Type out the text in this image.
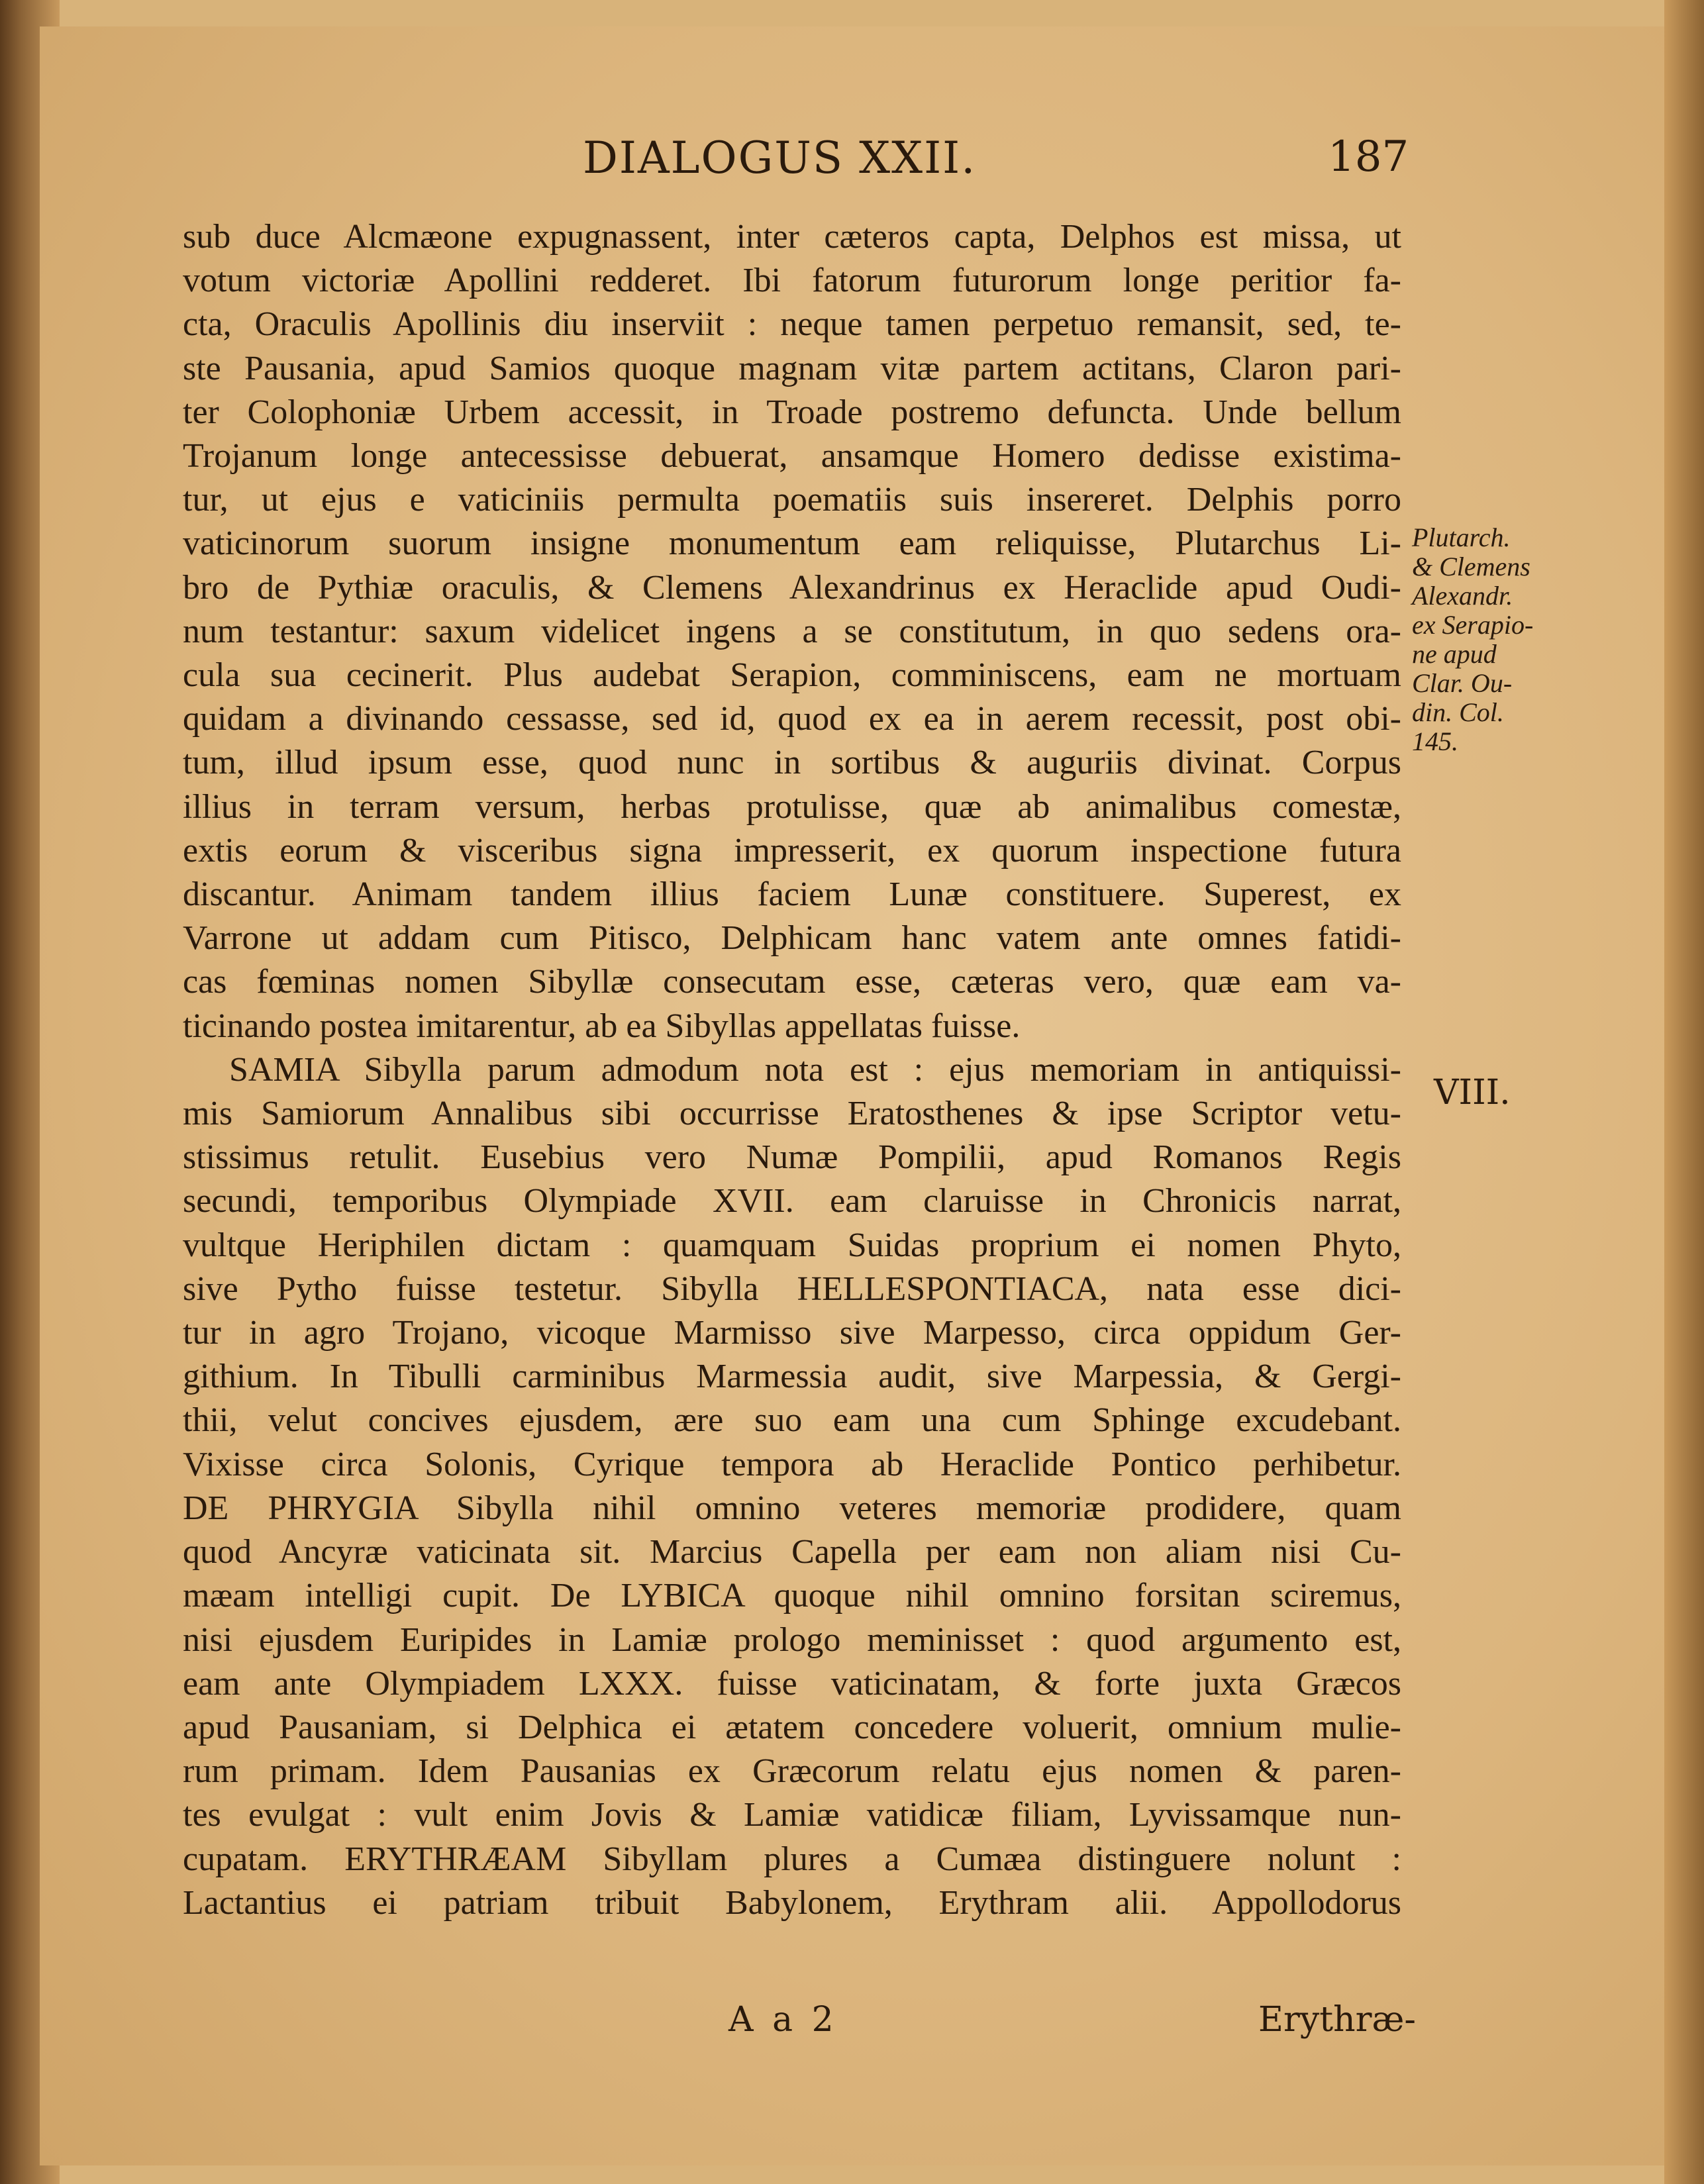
DIALOGUS XXII.	187
sub duce Alcmæone expugnassent, inter cæteros capta, Delphos est missa, ut
votum victoriæ Apollini redderet. Ibi fatorum futurorum longe peritior fa-
cta, Oraculis Apollinis diu inserviit : neque tamen perpetuo remansit, sed, te-
ste Pausania, apud Samios quoque magnam vitæ partem actitans, Claron pari-
ter Colophoniæ Urbem accessit, in Troade postremo defuncta. Unde bellum
Trojanum longe antecessisse debuerat, ansamque Homero dedisse existima-
tur, ut ejus e vaticiniis permulta poematiis suis insereret. Delphis porro
vaticinorum suorum insigne monumentum eam reliquisse, Plutarchus Li-
bro de Pythiæ oraculis, & Clemens Alexandrinus ex Heraclide apud Oudi-
num testantur: saxum videlicet ingens a se constitutum, in quo sedens ora-
cula sua cecinerit. Plus audebat Serapion, comminiscens, eam ne mortuam
quidam a divinando cessasse, sed id, quod ex ea in aerem recessit, post obi-
tum, illud ipsum esse, quod nunc in sortibus & auguriis divinat. Corpus
illius in terram versum, herbas protulisse, quæ ab animalibus comestæ,
extis eorum & visceribus signa impresserit, ex quorum inspectione futura
discantur. Animam tandem illius faciem Lunæ constituere. Superest, ex
Varrone ut addam cum Pitisco, Delphicam hanc vatem ante omnes fatidi-
cas fœminas nomen Sibyllæ consecutam esse, cæteras vero, quæ eam va-
ticinando postea imitarentur, ab ea Sibyllas appellatas fuisse.
SAMIA Sibylla parum admodum nota est : ejus memoriam in antiquissi-
mis Samiorum Annalibus sibi occurrisse Eratosthenes & ipse Scriptor vetu-
stissimus retulit. Eusebius vero Numæ Pompilii, apud Romanos Regis
secundi, temporibus Olympiade XVII. eam claruisse in Chronicis narrat,
vultque Heriphilen dictam : quamquam Suidas proprium ei nomen Phyto,
sive Pytho fuisse testetur. Sibylla HELLESPONTIACA, nata esse dici-
tur in agro Trojano, vicoque Marmisso sive Marpesso, circa oppidum Ger-
githium. In Tibulli carminibus Marmessia audit, sive Marpessia, & Gergi-
thii, velut concives ejusdem, ære suo eam una cum Sphinge excudebant.
Vixisse circa Solonis, Cyrique tempora ab Heraclide Pontico perhibetur.
DE PHRYGIA Sibylla nihil omnino veteres memoriæ prodidere, quam
quod Ancyræ vaticinata sit. Marcius Capella per eam non aliam nisi Cu-
mæam intelligi cupit. De LYBICA quoque nihil omnino forsitan sciremus,
nisi ejusdem Euripides in Lamiæ prologo meminisset : quod argumento est,
eam ante Olympiadem LXXX. fuisse vaticinatam, & forte juxta Græcos
apud Pausaniam, si Delphica ei ætatem concedere voluerit, omnium mulie-
rum primam. Idem Pausanias ex Græcorum relatu ejus nomen & paren-
tes evulgat : vult enim Jovis & Lamiæ vatidicæ filiam, Lyvissamque nun-
cupatam. ERYTHRÆAM Sibyllam plures a Cumæa distinguere nolunt :
Lactantius ei patriam tribuit Babylonem, Erythram alii. Appollodorus
Plutarch.
& Clemens
Alexandr.
ex Serapio-
ne apud
Clar. Ou-
din. Col.
145.
VIII.
A a 2	Erythræ-
